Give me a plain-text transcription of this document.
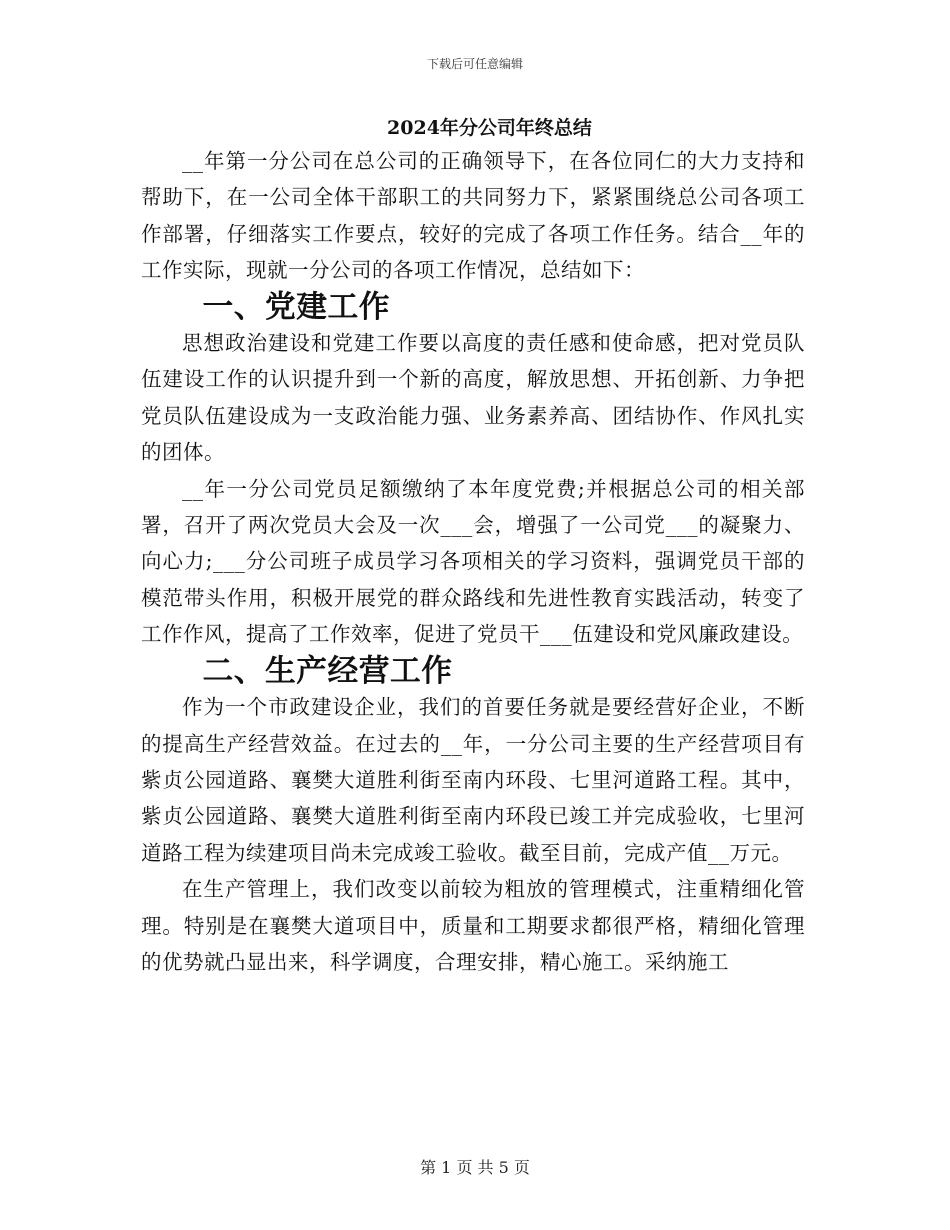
下载后可任意编辑
2024年分公司年终总结

__年第一分公司在总公司的正确领导下，在各位同仁的大力支持和帮助下，在一公司全体干部职工的共同努力下，紧紧围绕总公司各项工作部署，仔细落实工作要点，较好的完成了各项工作任务。结合__年的工作实际，现就一分公司的各项工作情况，总结如下：

一、党建工作

思想政治建设和党建工作要以高度的责任感和使命感，把对党员队伍建设工作的认识提升到一个新的高度，解放思想、开拓创新、力争把党员队伍建设成为一支政治能力强、业务素养高、团结协作、作风扎实的团体。

__年一分公司党员足额缴纳了本年度党费;并根据总公司的相关部署，召开了两次党员大会及一次___会，增强了一公司党___的凝聚力、向心力;___分公司班子成员学习各项相关的学习资料，强调党员干部的模范带头作用，积极开展党的群众路线和先进性教育实践活动，转变了工作作风，提高了工作效率，促进了党员干___伍建设和党风廉政建设。

二、生产经营工作

作为一个市政建设企业，我们的首要任务就是要经营好企业，不断的提高生产经营效益。在过去的__年，一分公司主要的生产经营项目有紫贞公园道路、襄樊大道胜利街至南内环段、七里河道路工程。其中，紫贞公园道路、襄樊大道胜利街至南内环段已竣工并完成验收，七里河道路工程为续建项目尚未完成竣工验收。截至目前，完成产值__万元。

在生产管理上，我们改变以前较为粗放的管理模式，注重精细化管理。特别是在襄樊大道项目中，质量和工期要求都很严格，精细化管理的优势就凸显出来，科学调度，合理安排，精心施工。采纳施工

第 1 页 共 5 页
